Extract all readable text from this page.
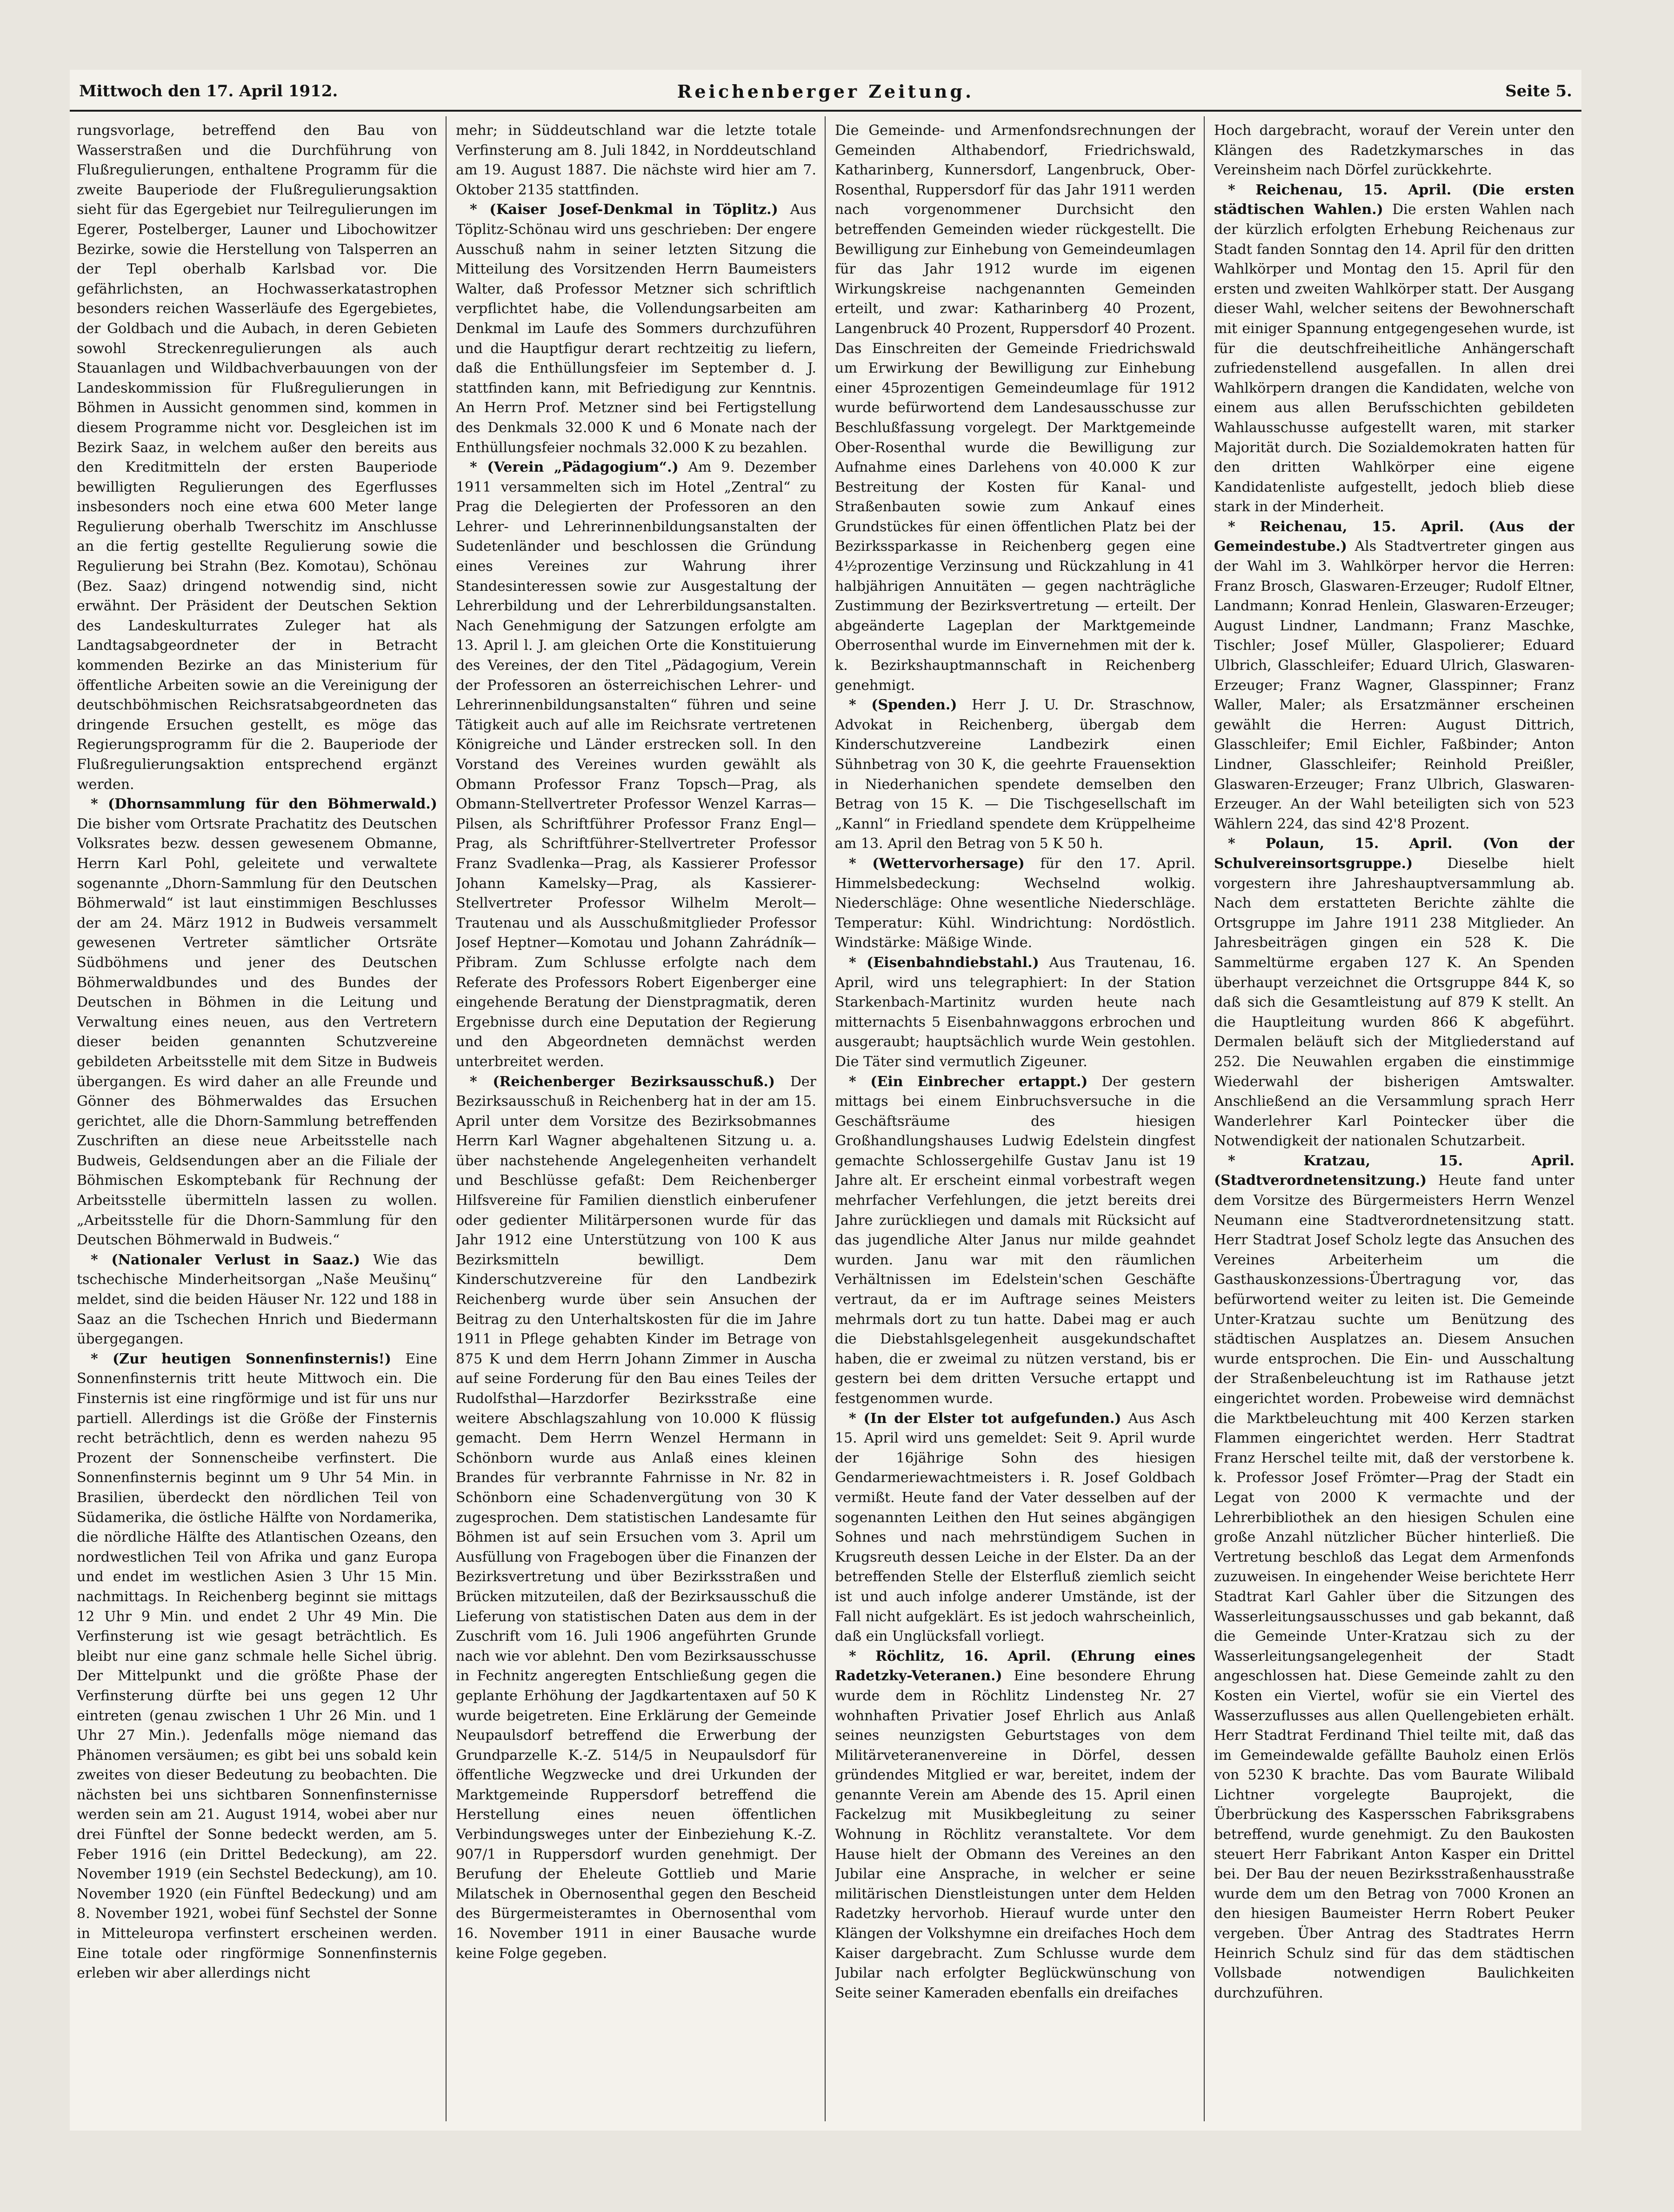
Mittwoch den 17. April 1912.	Reichenberger Zeitung.	Seite 5.

rungsvorlage, betreffend den Bau von Wasserstraßen und die Durchführung von Flußregulierungen, enthaltene Programm für die zweite Bauperiode der Flußregulierungsaktion sieht für das Egergebiet nur Teilregulierungen im Egerer, Postelberger, Launer und Libochowitzer Bezirke, sowie die Herstellung von Talsperren an der Tepl oberhalb Karlsbad vor. Die gefährlichsten, an Hochwasserkatastrophen besonders reichen Wasserläufe des Egergebietes, der Goldbach und die Aubach, in deren Gebieten sowohl Streckenregulierungen als auch Stauanlagen und Wildbachverbauungen von der Landeskommission für Flußregulierungen in Böhmen in Aussicht genommen sind, kommen in diesem Programme nicht vor. Desgleichen ist im Bezirk Saaz, in welchem außer den bereits aus den Kreditmitteln der ersten Bauperiode bewilligten Regulierungen des Egerflusses insbesonders noch eine etwa 600 Meter lange Regulierung oberhalb Twerschitz im Anschlusse an die fertig gestellte Regulierung sowie die Regulierung bei Strahn (Bez. Komotau), Schönau (Bez. Saaz) dringend notwendig sind, nicht erwähnt. Der Präsident der Deutschen Sektion des Landeskulturrates Zuleger hat als Landtagsabgeordneter der in Betracht kommenden Bezirke an das Ministerium für öffentliche Arbeiten sowie an die Vereinigung der deutschböhmischen Reichsratsabgeordneten das dringende Ersuchen gestellt, es möge das Regierungsprogramm für die 2. Bauperiode der Flußregulierungsaktion entsprechend ergänzt werden.

* (Dhornsammlung für den Böhmerwald.) Die bisher vom Ortsrate Prachatitz des Deutschen Volksrates bezw. dessen gewesenem Obmanne, Herrn Karl Pohl, geleitete und verwaltete sogenannte „Dhorn-Sammlung für den Deutschen Böhmerwald“ ist laut einstimmigen Beschlusses der am 24. März 1912 in Budweis versammelt gewesenen Vertreter sämtlicher Ortsräte Südböhmens und jener des Deutschen Böhmerwaldbundes und des Bundes der Deutschen in Böhmen in die Leitung und Verwaltung eines neuen, aus den Vertretern dieser beiden genannten Schutzvereine gebildeten Arbeitsstelle mit dem Sitze in Budweis übergangen. Es wird daher an alle Freunde und Gönner des Böhmerwaldes das Ersuchen gerichtet, alle die Dhorn-Sammlung betreffenden Zuschriften an diese neue Arbeitsstelle nach Budweis, Geldsendungen aber an die Filiale der Böhmischen Eskomptebank für Rechnung der Arbeitsstelle übermitteln lassen zu wollen. „Arbeitsstelle für die Dhorn-Sammlung für den Deutschen Böhmerwald in Budweis.“

* (Nationaler Verlust in Saaz.) Wie das tschechische Minderheitsorgan „Naše Meušinų“ meldet, sind die beiden Häuser Nr. 122 und 188 in Saaz an die Tschechen Hnrich und Biedermann übergegangen.

* (Zur heutigen Sonnenfinsternis!) Eine Sonnenfinsternis tritt heute Mittwoch ein. Die Finsternis ist eine ringförmige und ist für uns nur partiell. Allerdings ist die Größe der Finsternis recht beträchtlich, denn es werden nahezu 95 Prozent der Sonnenscheibe verfinstert. Die Sonnenfinsternis beginnt um 9 Uhr 54 Min. in Brasilien, überdeckt den nördlichen Teil von Südamerika, die östliche Hälfte von Nordamerika, die nördliche Hälfte des Atlantischen Ozeans, den nordwestlichen Teil von Afrika und ganz Europa und endet im westlichen Asien 3 Uhr 15 Min. nachmittags. In Reichenberg beginnt sie mittags 12 Uhr 9 Min. und endet 2 Uhr 49 Min. Die Verfinsterung ist wie gesagt beträchtlich. Es bleibt nur eine ganz schmale helle Sichel übrig. Der Mittelpunkt und die größte Phase der Verfinsterung dürfte bei uns gegen 12 Uhr eintreten (genau zwischen 1 Uhr 26 Min. und 1 Uhr 27 Min.). Jedenfalls möge niemand das Phänomen versäumen; es gibt bei uns sobald kein zweites von dieser Bedeutung zu beobachten. Die nächsten bei uns sichtbaren Sonnenfinsternisse werden sein am 21. August 1914, wobei aber nur drei Fünftel der Sonne bedeckt werden, am 5. Feber 1916 (ein Drittel Bedeckung), am 22. November 1919 (ein Sechstel Bedeckung), am 10. November 1920 (ein Fünftel Bedeckung) und am 8. November 1921, wobei fünf Sechstel der Sonne in Mitteleuropa verfinstert erscheinen werden. Eine totale oder ringförmige Sonnenfinsternis erleben wir aber allerdings nicht

mehr; in Süddeutschland war die letzte totale Verfinsterung am 8. Juli 1842, in Norddeutschland am 19. August 1887. Die nächste wird hier am 7. Oktober 2135 stattfinden.

* (Kaiser Josef-Denkmal in Töplitz.) Aus Töplitz-Schönau wird uns geschrieben: Der engere Ausschuß nahm in seiner letzten Sitzung die Mitteilung des Vorsitzenden Herrn Baumeisters Walter, daß Professor Metzner sich schriftlich verpflichtet habe, die Vollendungsarbeiten am Denkmal im Laufe des Sommers durchzuführen und die Hauptfigur derart rechtzeitig zu liefern, daß die Enthüllungsfeier im September d. J. stattfinden kann, mit Befriedigung zur Kenntnis. An Herrn Prof. Metzner sind bei Fertigstellung des Denkmals 32.000 K und 6 Monate nach der Enthüllungsfeier nochmals 32.000 K zu bezahlen.

* (Verein „Pädagogium“.) Am 9. Dezember 1911 versammelten sich im Hotel „Zentral“ zu Prag die Delegierten der Professoren an den Lehrer- und Lehrerinnenbildungsanstalten der Sudetenländer und beschlossen die Gründung eines Vereines zur Wahrung ihrer Standesinteressen sowie zur Ausgestaltung der Lehrerbildung und der Lehrerbildungsanstalten. Nach Genehmigung der Satzungen erfolgte am 13. April l. J. am gleichen Orte die Konstituierung des Vereines, der den Titel „Pädagogium, Verein der Professoren an österreichischen Lehrer- und Lehrerinnenbildungsanstalten“ führen und seine Tätigkeit auch auf alle im Reichsrate vertretenen Königreiche und Länder erstrecken soll. In den Vorstand des Vereines wurden gewählt als Obmann Professor Franz Topsch—Prag, als Obmann-Stellvertreter Professor Wenzel Karras—Pilsen, als Schriftführer Professor Franz Engl—Prag, als Schriftführer-Stellvertreter Professor Franz Svadlenka—Prag, als Kassierer Professor Johann Kamelsky—Prag, als Kassierer-Stellvertreter Professor Wilhelm Merolt—Trautenau und als Ausschußmitglieder Professor Josef Heptner—Komotau und Johann Zahrádník—Přibram. Zum Schlusse erfolgte nach dem Referate des Professors Robert Eigenberger eine eingehende Beratung der Dienstpragmatik, deren Ergebnisse durch eine Deputation der Regierung und den Abgeordneten demnächst werden unterbreitet werden.

* (Reichenberger Bezirksausschuß.) Der Bezirksausschuß in Reichenberg hat in der am 15. April unter dem Vorsitze des Bezirksobmannes Herrn Karl Wagner abgehaltenen Sitzung u. a. über nachstehende Angelegenheiten verhandelt und Beschlüsse gefaßt: Dem Reichenberger Hilfsvereine für Familien dienstlich einberufener oder gedienter Militärpersonen wurde für das Jahr 1912 eine Unterstützung von 100 K aus Bezirksmitteln bewilligt. Dem Kinderschutzvereine für den Landbezirk Reichenberg wurde über sein Ansuchen der Beitrag zu den Unterhaltskosten für die im Jahre 1911 in Pflege gehabten Kinder im Betrage von 875 K und dem Herrn Johann Zimmer in Auscha auf seine Forderung für den Bau eines Teiles der Rudolfsthal—Harzdorfer Bezirksstraße eine weitere Abschlagszahlung von 10.000 K flüssig gemacht. Dem Herrn Wenzel Hermann in Schönborn wurde aus Anlaß eines kleinen Brandes für verbrannte Fahrnisse in Nr. 82 in Schönborn eine Schadenvergütung von 30 K zugesprochen. Dem statistischen Landesamte für Böhmen ist auf sein Ersuchen vom 3. April um Ausfüllung von Fragebogen über die Finanzen der Bezirksvertretung und über Bezirksstraßen und Brücken mitzuteilen, daß der Bezirksausschuß die Lieferung von statistischen Daten aus dem in der Zuschrift vom 16. Juli 1906 angeführten Grunde nach wie vor ablehnt. Den vom Bezirksausschusse in Fechnitz angeregten Entschließung gegen die geplante Erhöhung der Jagdkartentaxen auf 50 K wurde beigetreten. Eine Erklärung der Gemeinde Neupaulsdorf betreffend die Erwerbung der Grundparzelle K.-Z. 514/5 in Neupaulsdorf für öffentliche Wegzwecke und drei Urkunden der Marktgemeinde Ruppersdorf betreffend die Herstellung eines neuen öffentlichen Verbindungsweges unter der Einbeziehung K.-Z. 907/1 in Ruppersdorf wurden genehmigt. Der Berufung der Eheleute Gottlieb und Marie Milatschek in Obernosenthal gegen den Bescheid des Bürgermeisteramtes in Obernosenthal vom 16. November 1911 in einer Bausache wurde keine Folge gegeben.

Die Gemeinde- und Armenfondsrechnungen der Gemeinden Althabendorf, Friedrichswald, Katharinberg, Kunnersdorf, Langenbruck, Ober-Rosenthal, Ruppersdorf für das Jahr 1911 werden nach vorgenommener Durchsicht den betreffenden Gemeinden wieder rückgestellt. Die Bewilligung zur Einhebung von Gemeindeumlagen für das Jahr 1912 wurde im eigenen Wirkungskreise nachgenannten Gemeinden erteilt, und zwar: Katharinberg 40 Prozent, Langenbruck 40 Prozent, Ruppersdorf 40 Prozent. Das Einschreiten der Gemeinde Friedrichswald um Erwirkung der Bewilligung zur Einhebung einer 45prozentigen Gemeindeumlage für 1912 wurde befürwortend dem Landesausschusse zur Beschlußfassung vorgelegt. Der Marktgemeinde Ober-Rosenthal wurde die Bewilligung zur Aufnahme eines Darlehens von 40.000 K zur Bestreitung der Kosten für Kanal- und Straßenbauten sowie zum Ankauf eines Grundstückes für einen öffentlichen Platz bei der Bezirkssparkasse in Reichenberg gegen eine 4½prozentige Verzinsung und Rückzahlung in 41 halbjährigen Annuitäten — gegen nachträgliche Zustimmung der Bezirksvertretung — erteilt. Der abgeänderte Lageplan der Marktgemeinde Oberrosenthal wurde im Einvernehmen mit der k. k. Bezirkshauptmannschaft in Reichenberg genehmigt.

* (Spenden.) Herr J. U. Dr. Straschnow, Advokat in Reichenberg, übergab dem Kinderschutzvereine Landbezirk einen Sühnbetrag von 30 K, die geehrte Frauensektion in Niederhanichen spendete demselben den Betrag von 15 K. — Die Tischgesellschaft im „Kannl“ in Friedland spendete dem Krüppelheime am 13. April den Betrag von 5 K 50 h.

* (Wettervorhersage) für den 17. April. Himmelsbedeckung: Wechselnd wolkig. Niederschläge: Ohne wesentliche Niederschläge. Temperatur: Kühl. Windrichtung: Nordöstlich. Windstärke: Mäßige Winde.

* (Eisenbahndiebstahl.) Aus Trautenau, 16. April, wird uns telegraphiert: In der Station Starkenbach-Martinitz wurden heute nach mitternachts 5 Eisenbahnwaggons erbrochen und ausgeraubt; hauptsächlich wurde Wein gestohlen. Die Täter sind vermutlich Zigeuner.

* (Ein Einbrecher ertappt.) Der gestern mittags bei einem Einbruchsversuche in die Geschäftsräume des hiesigen Großhandlungshauses Ludwig Edelstein dingfest gemachte Schlossergehilfe Gustav Janu ist 19 Jahre alt. Er erscheint einmal vorbestraft wegen mehrfacher Verfehlungen, die jetzt bereits drei Jahre zurückliegen und damals mit Rücksicht auf das jugendliche Alter Janus nur milde geahndet wurden. Janu war mit den räumlichen Verhältnissen im Edelstein'schen Geschäfte vertraut, da er im Auftrage seines Meisters mehrmals dort zu tun hatte. Dabei mag er auch die Diebstahlsgelegenheit ausgekundschaftet haben, die er zweimal zu nützen verstand, bis er gestern bei dem dritten Versuche ertappt und festgenommen wurde.

* (In der Elster tot aufgefunden.) Aus Asch 15. April wird uns gemeldet: Seit 9. April wurde der 16jährige Sohn des hiesigen Gendarmeriewachtmeisters i. R. Josef Goldbach vermißt. Heute fand der Vater desselben auf der sogenannten Leithen den Hut seines abgängigen Sohnes und nach mehrstündigem Suchen in Krugsreuth dessen Leiche in der Elster. Da an der betreffenden Stelle der Elsterfluß ziemlich seicht ist und auch infolge anderer Umstände, ist der Fall nicht aufgeklärt. Es ist jedoch wahrscheinlich, daß ein Unglücksfall vorliegt.

* Röchlitz, 16. April. (Ehrung eines Radetzky-Veteranen.) Eine besondere Ehrung wurde dem in Röchlitz Lindensteg Nr. 27 wohnhaften Privatier Josef Ehrlich aus Anlaß seines neunzigsten Geburtstages von dem Militärveteranenvereine in Dörfel, dessen gründendes Mitglied er war, bereitet, indem der genannte Verein am Abende des 15. April einen Fackelzug mit Musikbegleitung zu seiner Wohnung in Röchlitz veranstaltete. Vor dem Hause hielt der Obmann des Vereines an den Jubilar eine Ansprache, in welcher er seine militärischen Dienstleistungen unter dem Helden Radetzky hervorhob. Hierauf wurde unter den Klängen der Volkshymne ein dreifaches Hoch dem Kaiser dargebracht. Zum Schlusse wurde dem Jubilar nach erfolgter Beglückwünschung von Seite seiner Kameraden ebenfalls ein dreifaches

Hoch dargebracht, worauf der Verein unter den Klängen des Radetzkymarsches in das Vereinsheim nach Dörfel zurückkehrte.

* Reichenau, 15. April. (Die ersten städtischen Wahlen.) Die ersten Wahlen nach der kürzlich erfolgten Erhebung Reichenaus zur Stadt fanden Sonntag den 14. April für den dritten Wahlkörper und Montag den 15. April für den ersten und zweiten Wahlkörper statt. Der Ausgang dieser Wahl, welcher seitens der Bewohnerschaft mit einiger Spannung entgegengesehen wurde, ist für die deutschfreiheitliche Anhängerschaft zufriedenstellend ausgefallen. In allen drei Wahlkörpern drangen die Kandidaten, welche von einem aus allen Berufsschichten gebildeten Wahlausschusse aufgestellt waren, mit starker Majorität durch. Die Sozialdemokraten hatten für den dritten Wahlkörper eine eigene Kandidatenliste aufgestellt, jedoch blieb diese stark in der Minderheit.

* Reichenau, 15. April. (Aus der Gemeindestube.) Als Stadtvertreter gingen aus der Wahl im 3. Wahlkörper hervor die Herren: Franz Brosch, Glaswaren-Erzeuger; Rudolf Eltner, Landmann; Konrad Henlein, Glaswaren-Erzeuger; August Lindner, Landmann; Franz Maschke, Tischler; Josef Müller, Glaspolierer; Eduard Ulbrich, Glasschleifer; Eduard Ulrich, Glaswaren-Erzeuger; Franz Wagner, Glasspinner; Franz Waller, Maler; als Ersatzmänner erscheinen gewählt die Herren: August Dittrich, Glasschleifer; Emil Eichler, Faßbinder; Anton Lindner, Glasschleifer; Reinhold Preißler, Glaswaren-Erzeuger; Franz Ulbrich, Glaswaren-Erzeuger. An der Wahl beteiligten sich von 523 Wählern 224, das sind 42'8 Prozent.

* Polaun, 15. April. (Von der Schulvereinsortsgruppe.) Dieselbe hielt vorgestern ihre Jahreshauptversammlung ab. Nach dem erstatteten Berichte zählte die Ortsgruppe im Jahre 1911 238 Mitglieder. An Jahresbeiträgen gingen ein 528 K. Die Sammeltürme ergaben 127 K. An Spenden überhaupt verzeichnet die Ortsgruppe 844 K, so daß sich die Gesamtleistung auf 879 K stellt. An die Hauptleitung wurden 866 K abgeführt. Dermalen beläuft sich der Mitgliederstand auf 252. Die Neuwahlen ergaben die einstimmige Wiederwahl der bisherigen Amtswalter. Anschließend an die Versammlung sprach Herr Wanderlehrer Karl Pointecker über die Notwendigkeit der nationalen Schutzarbeit.

* Kratzau, 15. April. (Stadtverordnetensitzung.) Heute fand unter dem Vorsitze des Bürgermeisters Herrn Wenzel Neumann eine Stadtverordnetensitzung statt. Herr Stadtrat Josef Scholz legte das Ansuchen des Vereines Arbeiterheim um die Gasthauskonzessions-Übertragung vor, das befürwortend weiter zu leiten ist. Die Gemeinde Unter-Kratzau suchte um Benützung des städtischen Ausplatzes an. Diesem Ansuchen wurde entsprochen. Die Ein- und Ausschaltung der Straßenbeleuchtung ist im Rathause jetzt eingerichtet worden. Probeweise wird demnächst die Marktbeleuchtung mit 400 Kerzen starken Flammen eingerichtet werden. Herr Stadtrat Franz Herschel teilte mit, daß der verstorbene k. k. Professor Josef Frömter—Prag der Stadt ein Legat von 2000 K vermachte und der Lehrerbibliothek an den hiesigen Schulen eine große Anzahl nützlicher Bücher hinterließ. Die Vertretung beschloß das Legat dem Armenfonds zuzuweisen. In eingehender Weise berichtete Herr Stadtrat Karl Gahler über die Sitzungen des Wasserleitungsausschusses und gab bekannt, daß die Gemeinde Unter-Kratzau sich zu der Wasserleitungsangelegenheit der Stadt angeschlossen hat. Diese Gemeinde zahlt zu den Kosten ein Viertel, wofür sie ein Viertel des Wasserzuflusses aus allen Quellengebieten erhält. Herr Stadtrat Ferdinand Thiel teilte mit, daß das im Gemeindewalde gefällte Bauholz einen Erlös von 5230 K brachte. Das vom Baurate Wilibald Lichtner vorgelegte Bauprojekt, die Überbrückung des Kaspersschen Fabriksgrabens betreffend, wurde genehmigt. Zu den Baukosten steuert Herr Fabrikant Anton Kasper ein Drittel bei. Der Bau der neuen Bezirksstraßenhausstraße wurde dem um den Betrag von 7000 Kronen an den hiesigen Baumeister Herrn Robert Peuker vergeben. Über Antrag des Stadtrates Herrn Heinrich Schulz sind für das dem städtischen Vollsbade notwendigen Baulichkeiten durchzuführen.
